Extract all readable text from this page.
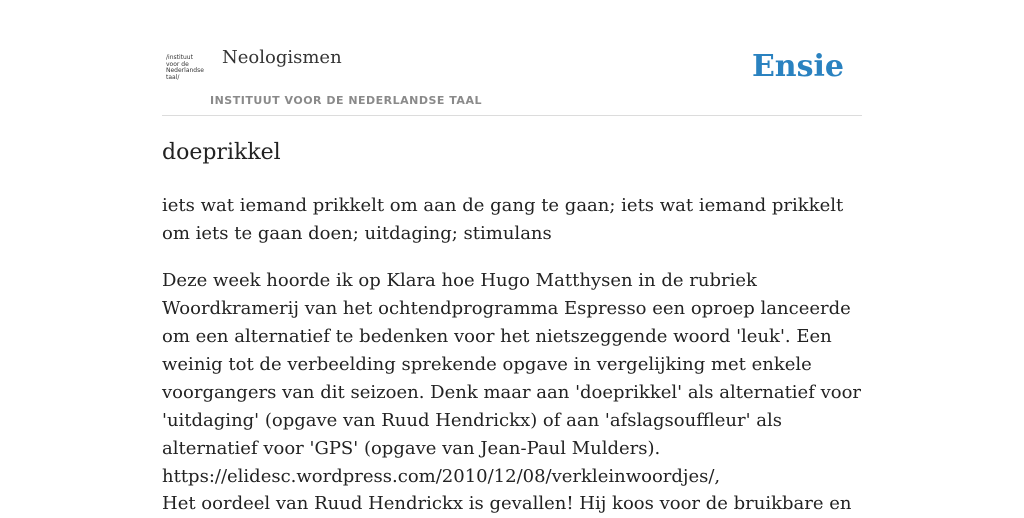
/instituut
voor de
Nederlandse
taal/
Neologismen
INSTITUUT VOOR DE NEDERLANDSE TAAL
Ensie
doeprikkel

iets wat iemand prikkelt om aan de gang te gaan; iets wat iemand prikkelt om iets te gaan doen; uitdaging; stimulans

Deze week hoorde ik op Klara hoe Hugo Matthysen in de rubriek Woordkramerij van het ochtendprogramma Espresso een oproep lanceerde om een alternatief te bedenken voor het nietszeggende woord 'leuk'. Een weinig tot de verbeelding sprekende opgave in vergelijking met enkele voorgangers van dit seizoen. Denk maar aan 'doeprikkel' als alternatief voor 'uitdaging' (opgave van Ruud Hendrickx) of aan 'afslagsouffleur' als alternatief voor 'GPS' (opgave van Jean-Paul Mulders). https://elidesc.wordpress.com/2010/12/08/verkleinwoordjes/,

Het oordeel van Ruud Hendrickx is gevallen! Hij koos voor de bruikbare en
